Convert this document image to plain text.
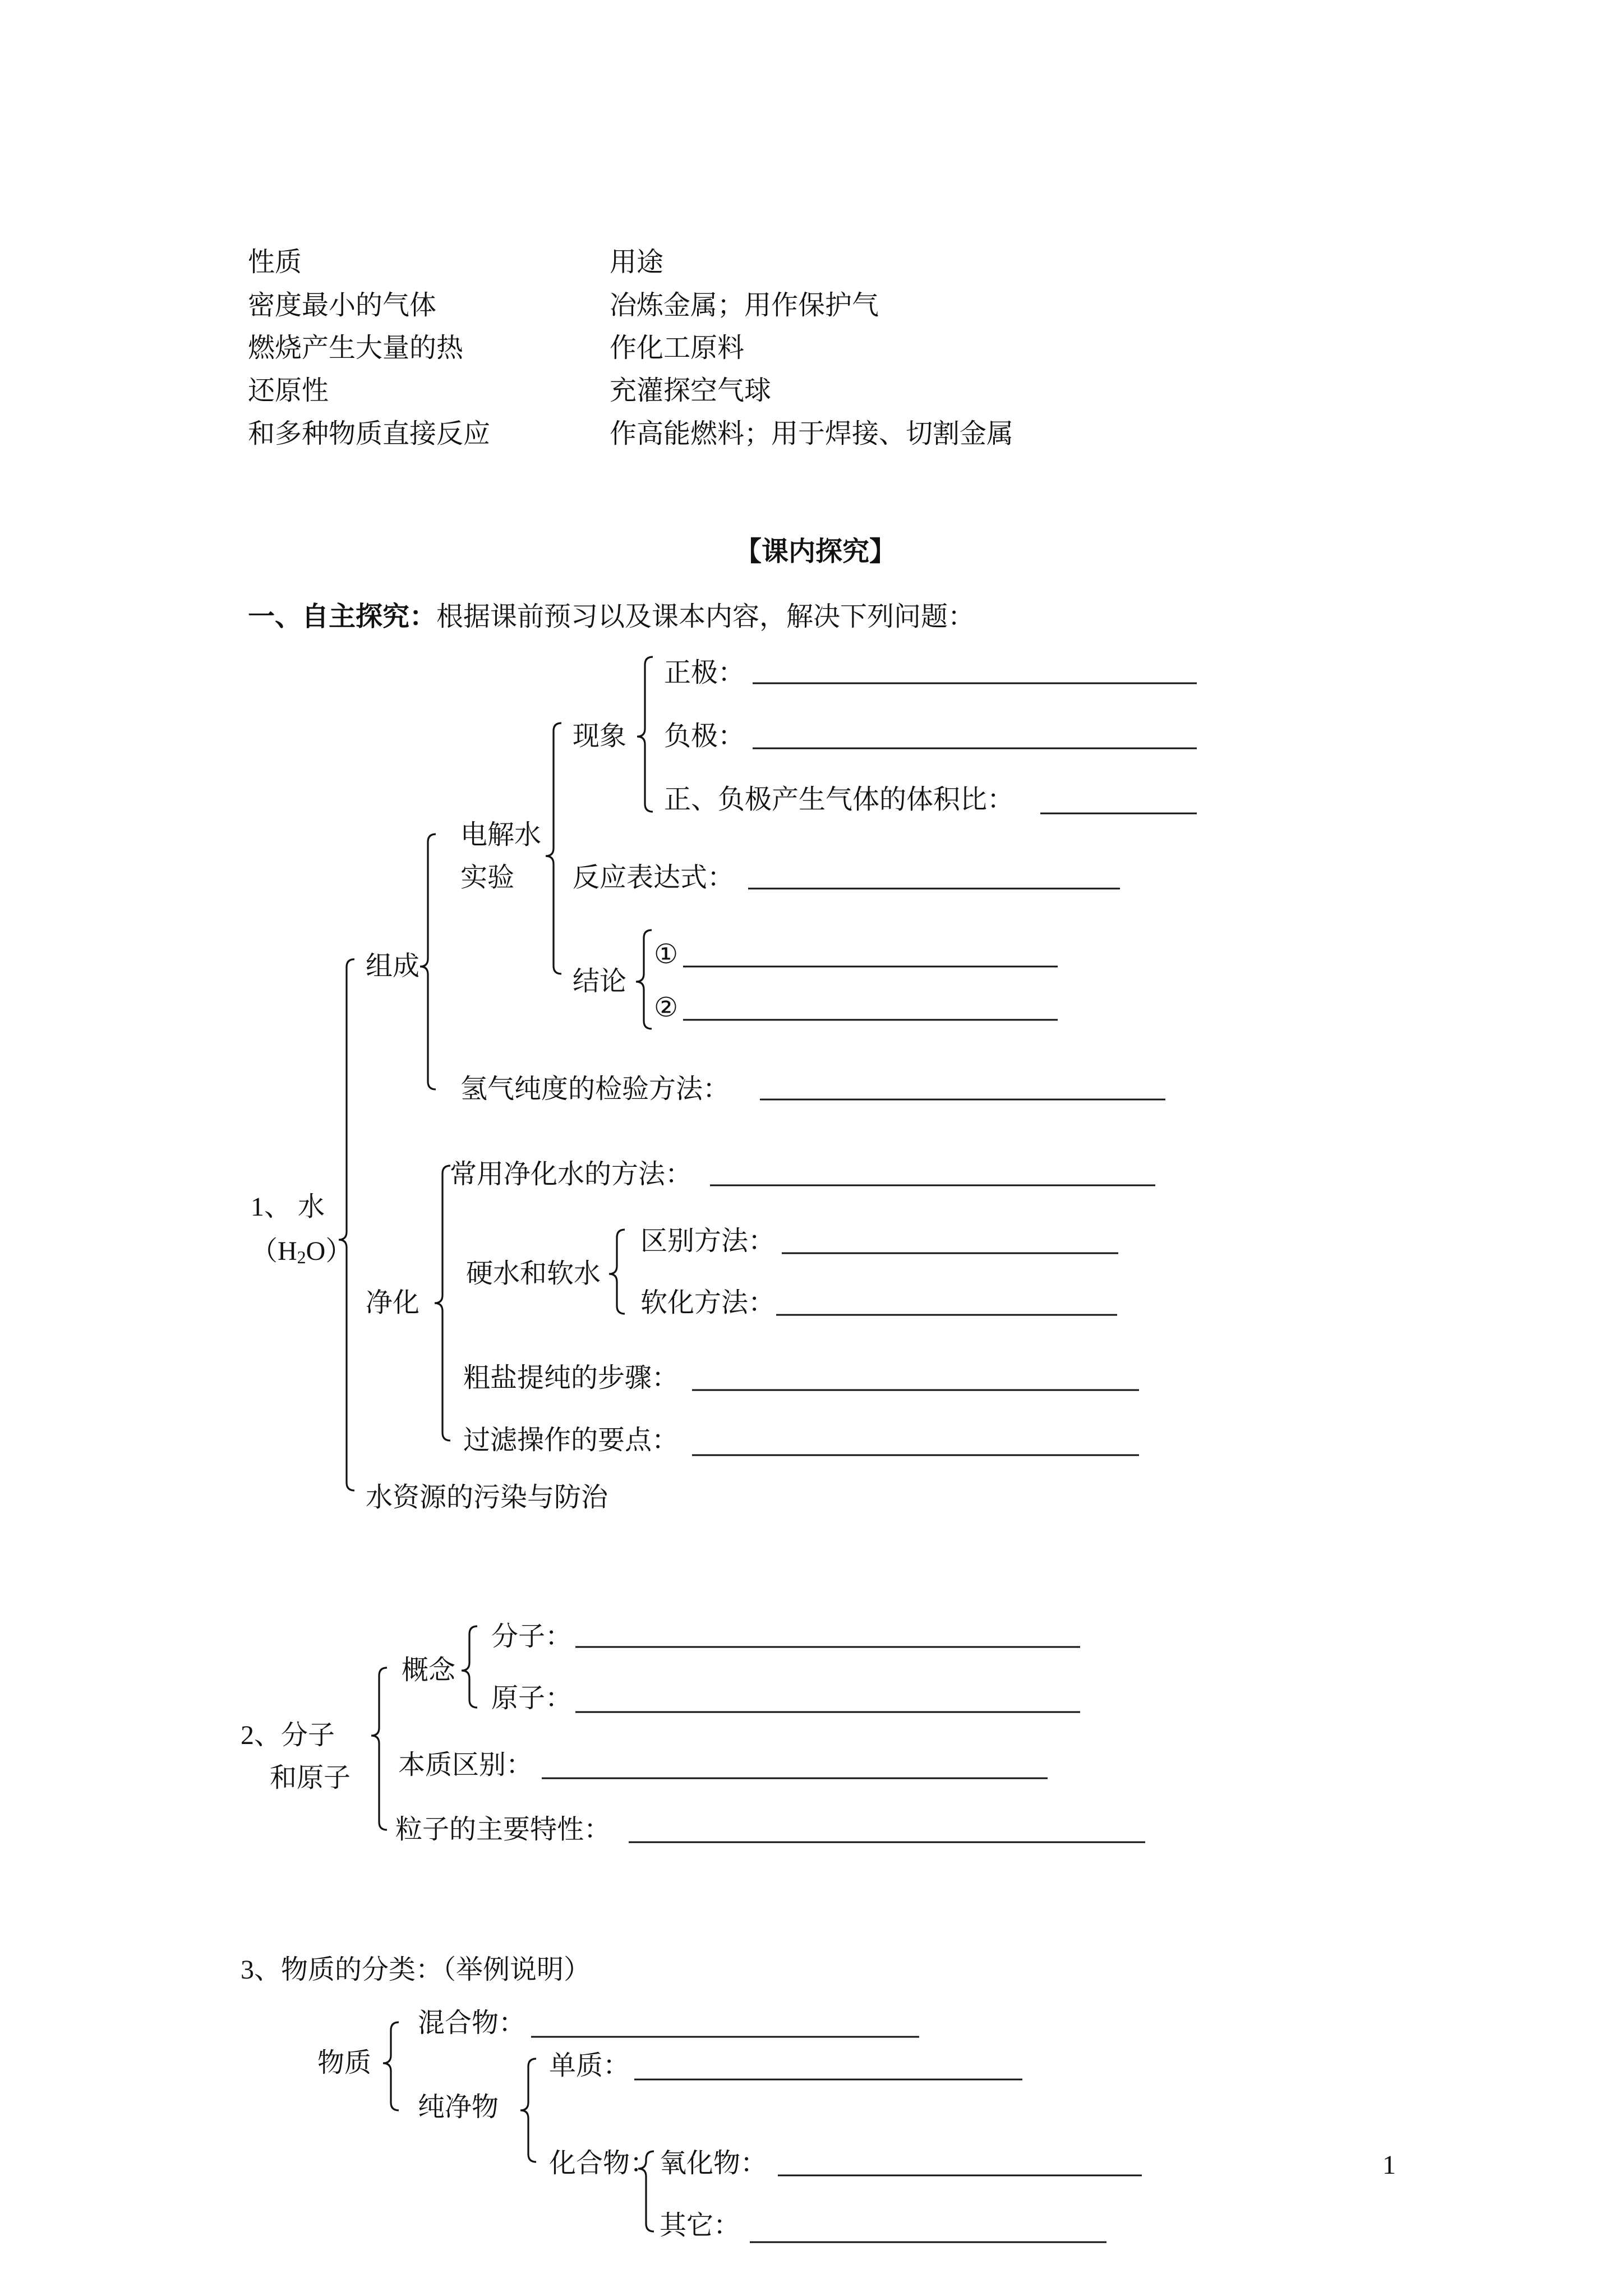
性质	用途
密度最小的气体	冶炼金属；用作保护气
燃烧产生大量的热	作化工原料
还原性	充灌探空气球
和多种物质直接反应	作高能燃料；用于焊接、切割金属
【课内探究】
一、自主探究：根据课前预习以及课本内容，解决下列问题：
1、 水
$(H_2O)$
组成
电解水
实验
现象
正极：
负极：
正、负极产生气体的体积比：
反应表达式：
结论
①
②
氢气纯度的检验方法：
净化
常用净化水的方法：
硬水和软水
区别方法：
软化方法：
粗盐提纯的步骤：
过滤操作的要点：
水资源的污染与防治
2、分子
和原子
概念
分子：
原子：
本质区别：
粒子的主要特性：
3、物质的分类：（举例说明）
物质
混合物：
纯净物
单质：
化合物： 氧化物：
其它：
1
